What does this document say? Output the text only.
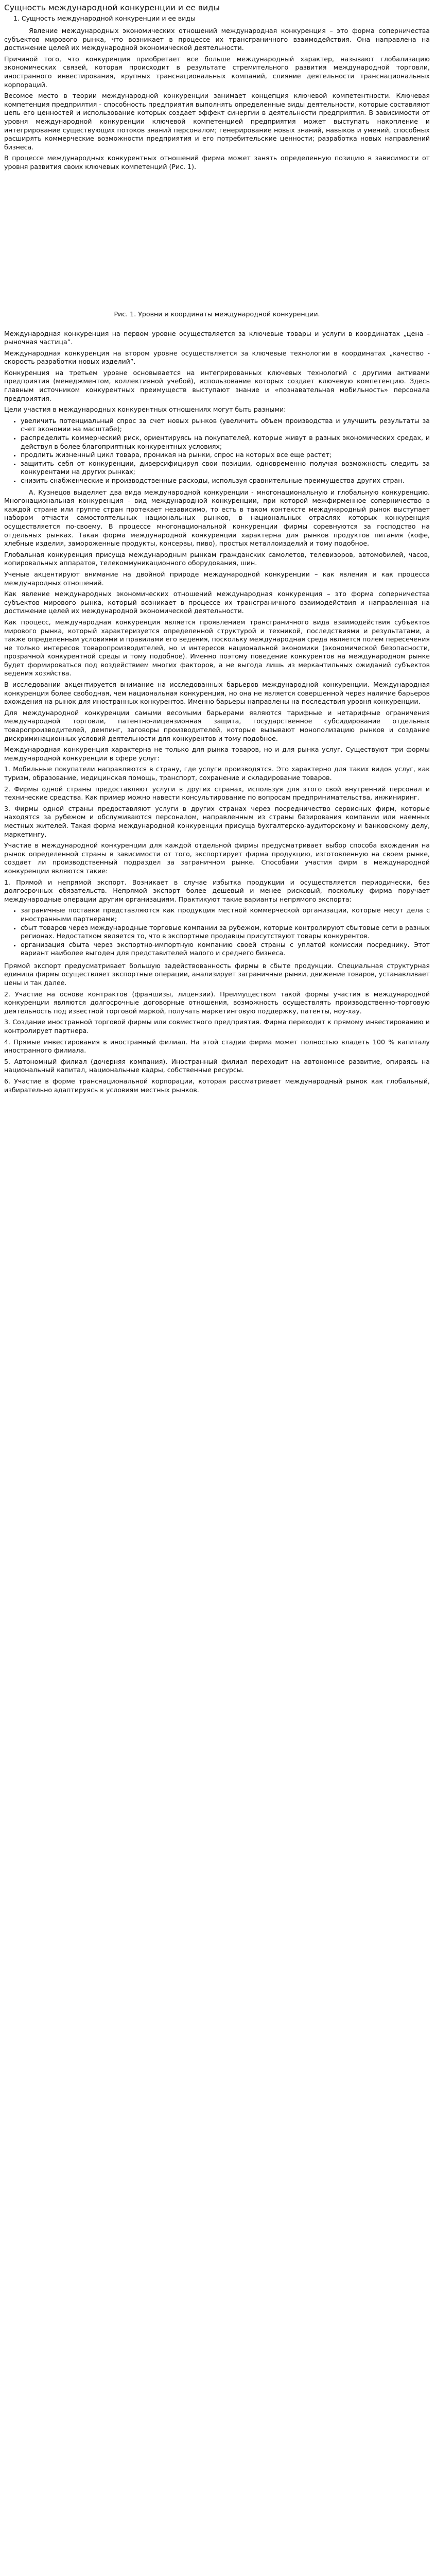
Сущность международной конкуренции и ее виды
1. Сущность международной конкуренции и ее виды

Явление международных экономических отношений международная конкуренция – это форма соперничества субъектов мирового рынка, что возникает в процессе их трансграничного взаимодействия. Она направлена на достижение целей их международной экономической деятельности.

Причиной того, что конкуренция приобретает все больше международный характер, называют глобализацию экономических связей, которая происходит в результате стремительного развития международной торговли, иностранного инвестирования, крупных транснациональных компаний, слияние деятельности транснациональных корпораций.

Весомое место в теории международной конкуренции занимает концепция ключевой компетентности. Ключевая компетенция предприятия - способность предприятия выполнять определенные виды деятельности, которые составляют цепь его ценностей и использование которых создает эффект синергии в деятельности предприятия. В зависимости от уровня международной конкуренции ключевой компетенцией предприятия может выступать накопление и интегрирование существующих потоков знаний персоналом; генерирование новых знаний, навыков и умений, способных расширять коммерческие возможности предприятия и его потребительские ценности; разработка новых направлений бизнеса.

В процессе международных конкурентных отношений фирма может занять определенную позицию в зависимости от уровня развития своих ключевых компетенций (Рис. 1).

Рис. 1. Уровни и координаты международной конкуренции.

Международная конкуренция на первом уровне осуществляется за ключевые товары и услуги в координатах „цена – рыночная частица”.

Международная конкуренция на втором уровне осуществляется за ключевые технологии в координатах „качество - скорость разработки новых изделий”.

Конкуренция на третьем уровне основывается на интегрированных ключевых технологий с другими активами предприятия (менеджментом, коллективной учебой), использование которых создает ключевую компетенцию. Здесь главным источником конкурентных преимуществ выступают знание и «познавательная мобильность» персонала предприятия.

Цели участия в международных конкурентных отношениях могут быть разными:

• увеличить потенциальный спрос за счет новых рынков (увеличить объем производства и улучшить результаты за счет экономии на масштабе);
• распределить коммерческий риск, ориентируясь на покупателей, которые живут в разных экономических средах, и действуя в более благоприятных конкурентных условиях;
• продлить жизненный цикл товара, проникая на рынки, спрос на которых все еще растет;
• защитить себя от конкуренции, диверсифицируя свои позиции, одновременно получая возможность следить за конкурентами на других рынках;
• снизить снабженческие и производственные расходы, используя сравнительные преимущества других стран.

А. Кузнецов выделяет два вида международной конкуренции - многонациональную и глобальную конкуренцию. Многонациональная конкуренция - вид международной конкуренции, при которой межфирменное соперничество в каждой стране или группе стран протекает независимо, то есть в таком контексте международный рынок выступает набором отчасти самостоятельных национальных рынков, в национальных отраслях которых конкуренция осуществляется по-своему. В процессе многонациональной конкуренции фирмы соревнуются за господство на отдельных рынках. Такая форма международной конкуренции характерна для рынков продуктов питания (кофе, хлебные изделия, замороженные продукты, консервы, пиво), простых металлоизделий и тому подобное.

Глобальная конкуренция присуща международным рынкам гражданских самолетов, телевизоров, автомобилей, часов, копировальных аппаратов, телекоммуникационного оборудования, шин.

Ученые акцентируют внимание на двойной природе международной конкуренции – как явления и как процесса международных отношений.

Как явление международных экономических отношений международная конкуренция – это форма соперничества субъектов мирового рынка, который возникает в процессе их трансграничного взаимодействия и направленная на достижение целей их международной экономической деятельности.

Как процесс, международная конкуренция является проявлением трансграничного вида взаимодействия субъектов мирового рынка, который характеризуется определенной структурой и техникой, последствиями и результатами, а также определенным условиями и правилами его ведения, поскольку международная среда является полем пересечения не только интересов товаропроизводителей, но и интересов национальной экономики (экономической безопасности, прозрачной конкурентной среды и тому подобное). Именно поэтому поведение конкурентов на международном рынке будет формироваться под воздействием многих факторов, а не выгода лишь из меркантильных ожиданий субъектов ведения хозяйства.

В исследовании акцентируется внимание на исследованных барьеров международной конкуренции. Международная конкуренция более свободная, чем национальная конкуренция, но она не является совершенной через наличие барьеров вхождения на рынок для иностранных конкурентов. Именно барьеры направлены на последствия уровня конкуренции.

Для международной конкуренции самыми весомыми барьерами являются тарифные и нетарифные ограничения международной торговли, патентно-лицензионная защита, государственное субсидирование отдельных товаропроизводителей, демпинг, заговоры производителей, которые вызывают монополизацию рынков и создание дискриминационных условий деятельности для конкурентов и тому подобное.

Международная конкуренция характерна не только для рынка товаров, но и для рынка услуг. Существуют три формы международной конкуренции в сфере услуг:

1. Мобильные покупатели направляются в страну, где услуги производятся. Это характерно для таких видов услуг, как туризм, образование, медицинская помощь, транспорт, сохранение и складирование товаров.

2. Фирмы одной страны предоставляют услуги в других странах, используя для этого свой внутренний персонал и технические средства. Как пример можно навести консультирование по вопросам предпринимательства, инжиниринг.

3. Фирмы одной страны предоставляют услуги в других странах через посредничество сервисных фирм, которые находятся за рубежом и обслуживаются персоналом, направленным из страны базирования компании или наемных местных жителей. Такая форма международной конкуренции присуща бухгалтерско-аудиторскому и банковскому делу, маркетингу.

Участие в международной конкуренции для каждой отдельной фирмы предусматривает выбор способа вхождения на рынок определенной страны в зависимости от того, экспортирует фирма продукцию, изготовленную на своем рынке, создает ли производственный подраздел за заграничном рынке. Способами участия фирм в международной конкуренции являются такие:

1. Прямой и непрямой экспорт. Возникает в случае избытка продукции и осуществляется периодически, без долгосрочных обязательств. Непрямой экспорт более дешевый и менее рисковый, поскольку фирма поручает международные операции другим организациям. Практикуют такие варианты непрямого экспорта:

• заграничные поставки представляются как продукция местной коммерческой организации, которые несут дела с иностранными партнерами;
• сбыт товаров через международные торговые компании за рубежом, которые контролируют сбытовые сети в разных регионах. Недостатком является то, что в экспортные продавцы присутствуют товары конкурентов.
• организация сбыта через экспортно-импортную компанию своей страны с уплатой комиссии посреднику. Этот вариант наиболее выгоден для представителей малого и среднего бизнеса.

Прямой экспорт предусматривает большую задействованность фирмы в сбыте продукции. Специальная структурная единица фирмы осуществляет экспортные операции, анализирует заграничные рынки, движение товаров, устанавливает цены и так далее.

2. Участие на основе контрактов (франшизы, лицензии). Преимуществом такой формы участия в международной конкуренции являются долгосрочные договорные отношения, возможность осуществлять производственно-торговую деятельность под известной торговой маркой, получать маркетинговую поддержку, патенты, ноу-хау.

3. Создание иностранной торговой фирмы или совместного предприятия. Фирма переходит к прямому инвестированию и контролирует партнера.

4. Прямые инвестирования в иностранный филиал. На этой стадии фирма может полностью владеть 100 % капиталу иностранного филиала.

5. Автономный филиал (дочерняя компания). Иностранный филиал переходит на автономное развитие, опираясь на национальный капитал, национальные кадры, собственные ресурсы.

6. Участие в форме транснациональной корпорации, которая рассматривает международный рынок как глобальный, избирательно адаптируясь к условиям местных рынков.
